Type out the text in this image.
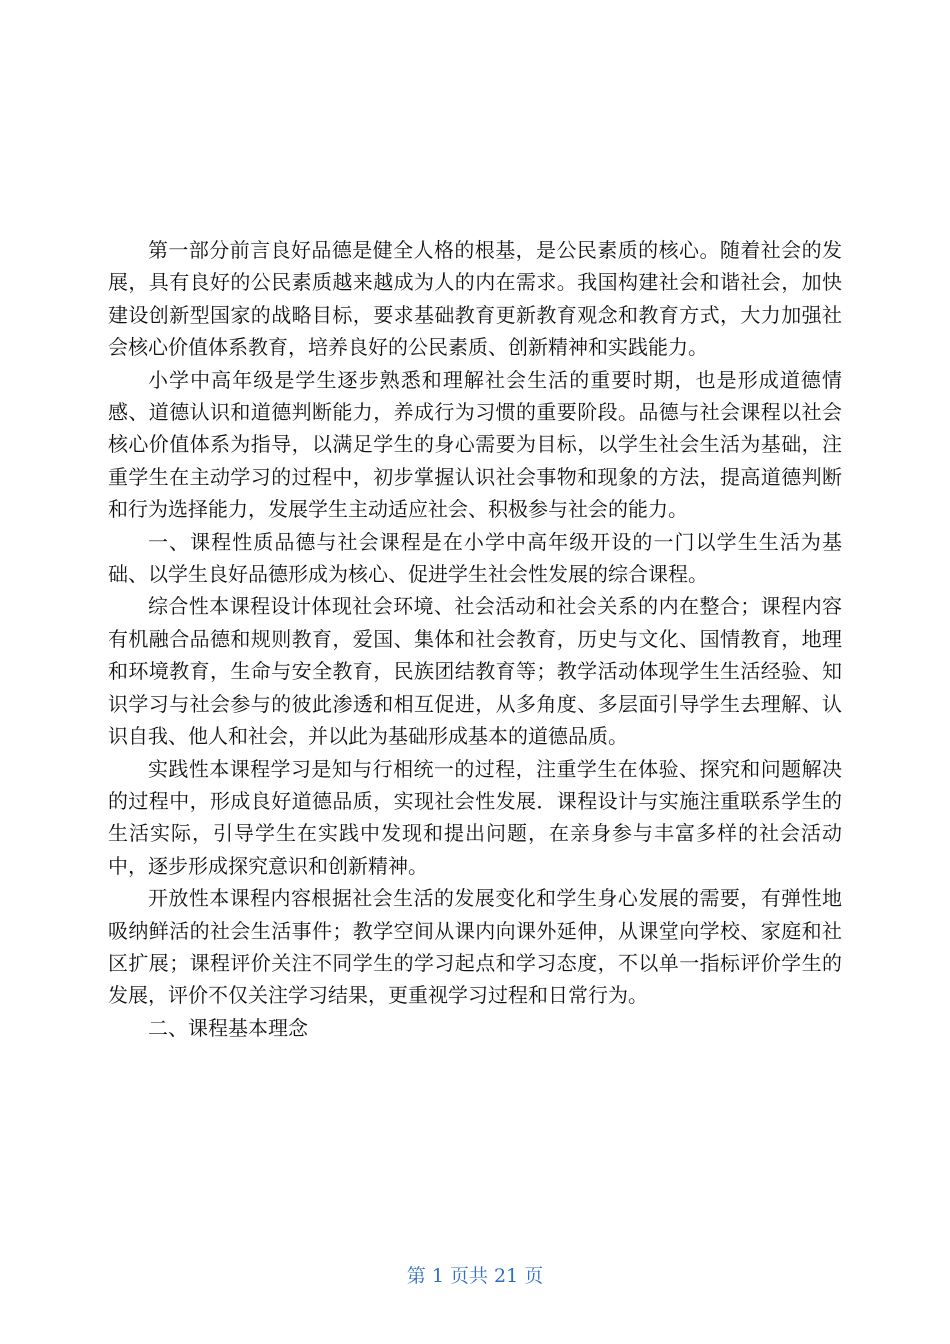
第一部分前言良好品德是健全人格的根基，是公民素质的核心。随着社会的发展，具有良好的公民素质越来越成为人的内在需求。我国构建社会和谐社会，加快建设创新型国家的战略目标，要求基础教育更新教育观念和教育方式，大力加强社会核心价值体系教育，培养良好的公民素质、创新精神和实践能力。

小学中高年级是学生逐步熟悉和理解社会生活的重要时期，也是形成道德情感、道德认识和道德判断能力，养成行为习惯的重要阶段。品德与社会课程以社会核心价值体系为指导，以满足学生的身心需要为目标，以学生社会生活为基础，注重学生在主动学习的过程中，初步掌握认识社会事物和现象的方法，提高道德判断和行为选择能力，发展学生主动适应社会、积极参与社会的能力。

一、课程性质品德与社会课程是在小学中高年级开设的一门以学生生活为基础、以学生良好品德形成为核心、促进学生社会性发展的综合课程。

综合性本课程设计体现社会环境、社会活动和社会关系的内在整合；课程内容有机融合品德和规则教育，爱国、集体和社会教育，历史与文化、国情教育，地理和环境教育，生命与安全教育，民族团结教育等；教学活动体现学生生活经验、知识学习与社会参与的彼此渗透和相互促进，从多角度、多层面引导学生去理解、认识自我、他人和社会，并以此为基础形成基本的道德品质。

实践性本课程学习是知与行相统一的过程，注重学生在体验、探究和问题解决的过程中，形成良好道德品质，实现社会性发展．课程设计与实施注重联系学生的生活实际，引导学生在实践中发现和提出问题，在亲身参与丰富多样的社会活动中，逐步形成探究意识和创新精神。

开放性本课程内容根据社会生活的发展变化和学生身心发展的需要，有弹性地吸纳鲜活的社会生活事件；教学空间从课内向课外延伸，从课堂向学校、家庭和社区扩展；课程评价关注不同学生的学习起点和学习态度，不以单一指标评价学生的发展，评价不仅关注学习结果，更重视学习过程和日常行为。

二、课程基本理念

第 1 页共 21 页
